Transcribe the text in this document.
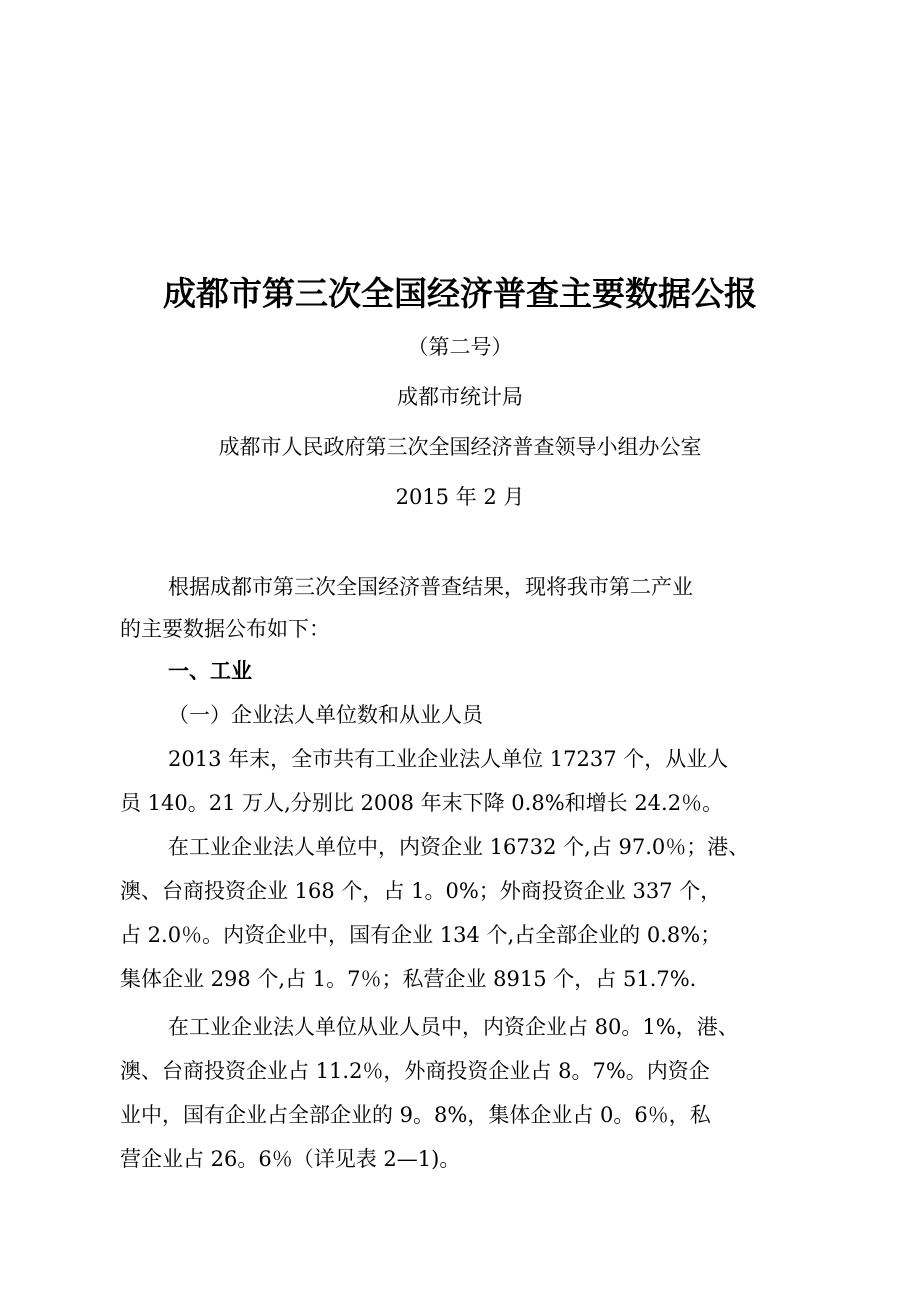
成都市第三次全国经济普查主要数据公报
（第二号）
成都市统计局
成都市人民政府第三次全国经济普查领导小组办公室
2015 年 2 月
根据成都市第三次全国经济普查结果，现将我市第二产业
的主要数据公布如下：
一、工业
（一）企业法人单位数和从业人员
2013 年末，全市共有工业企业法人单位 17237 个，从业人
员 140。21 万人,分别比 2008 年末下降 0.8%和增长 24.2％。
在工业企业法人单位中，内资企业 16732 个,占 97.0％；港、
澳、台商投资企业 168 个，占 1。0%；外商投资企业 337 个，
占 2.0％。内资企业中，国有企业 134 个,占全部企业的 0.8%；
集体企业 298 个,占 1。7％；私营企业 8915 个，占 51.7%.
在工业企业法人单位从业人员中，内资企业占 80。1%，港、
澳、台商投资企业占 11.2％，外商投资企业占 8。7%。内资企
业中，国有企业占全部企业的 9。8%，集体企业占 0。6％，私
营企业占 26。6％（详见表 2—1)。
